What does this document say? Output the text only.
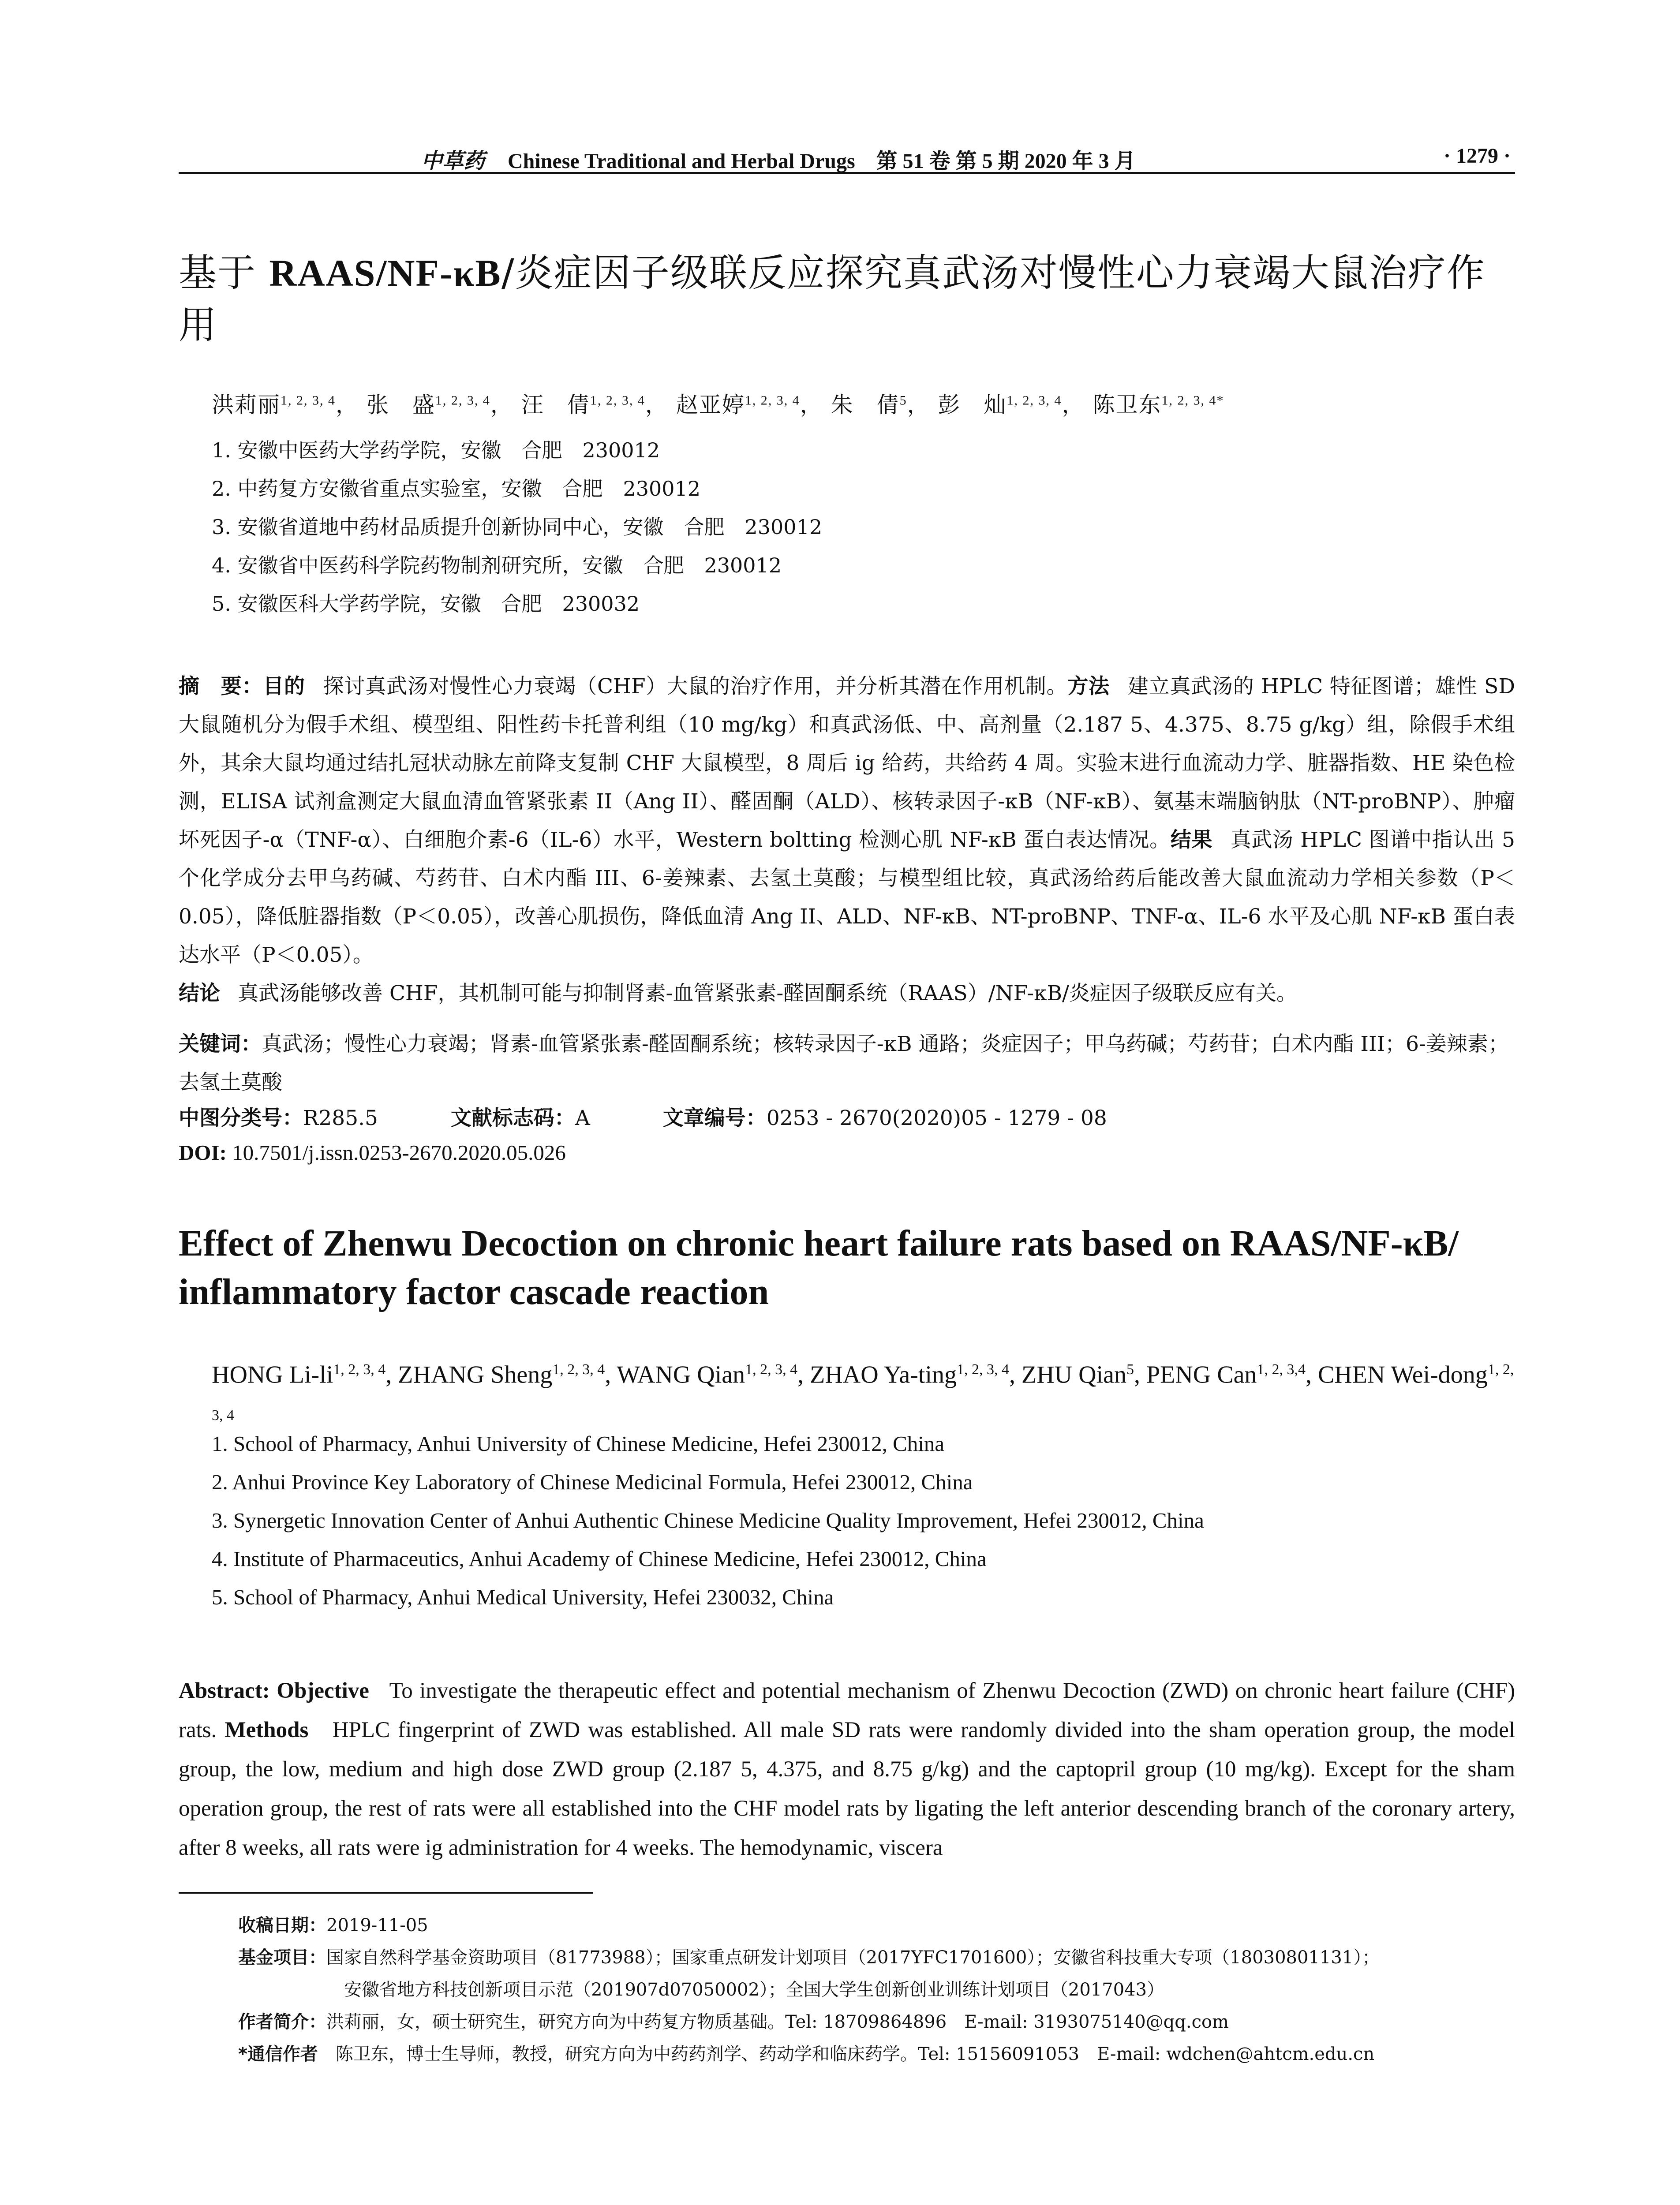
中草药 Chinese Traditional and Herbal Drugs　第 51 卷 第 5 期 2020 年 3 月	· 1279 ·
基于 RAAS/NF-κB/炎症因子级联反应探究真武汤对慢性心力衰竭大鼠治疗作用
洪莉丽$^{1, 2, 3, 4}$， 张　盛$^{1, 2, 3, 4}$， 汪　倩$^{1, 2, 3, 4}$， 赵亚婷$^{1, 2, 3, 4}$， 朱　倩$^5$， 彭　灿$^{1, 2, 3, 4}$， 陈卫东$^{1, 2, 3, 4*}$
1. 安徽中医药大学药学院，安徽　合肥　230012
2. 中药复方安徽省重点实验室，安徽　合肥　230012
3. 安徽省道地中药材品质提升创新协同中心，安徽　合肥　230012
4. 安徽省中医药科学院药物制剂研究所，安徽　合肥　230012
5. 安徽医科大学药学院，安徽　合肥　230032
摘　要：目的 探讨真武汤对慢性心力衰竭（CHF）大鼠的治疗作用，并分析其潜在作用机制。方法 建立真武汤的 HPLC 特征图谱；雄性 SD 大鼠随机分为假手术组、模型组、阳性药卡托普利组（10 mg/kg）和真武汤低、中、高剂量（2.187 5、4.375、8.75 g/kg）组，除假手术组外，其余大鼠均通过结扎冠状动脉左前降支复制 CHF 大鼠模型，8 周后 ig 给药，共给药 4 周。实验末进行血流动力学、脏器指数、HE 染色检测，ELISA 试剂盒测定大鼠血清血管紧张素 II（Ang II）、醛固酮（ALD）、核转录因子-κB（NF-κB）、氨基末端脑钠肽（NT-proBNP）、肿瘤坏死因子-α（TNF-α）、白细胞介素-6（IL-6）水平，Western boltting 检测心肌 NF-κB 蛋白表达情况。结果 真武汤 HPLC 图谱中指认出 5 个化学成分去甲乌药碱、芍药苷、白术内酯 III、6-姜辣素、去氢土莫酸；与模型组比较，真武汤给药后能改善大鼠血流动力学相关参数（P＜0.05），降低脏器指数（P＜0.05），改善心肌损伤，降低血清 Ang II、ALD、NF-κB、NT-proBNP、TNF-α、IL-6 水平及心肌 NF-κB 蛋白表达水平（P＜0.05）。
结论 真武汤能够改善 CHF，其机制可能与抑制肾素-血管紧张素-醛固酮系统（RAAS）/NF-κB/炎症因子级联反应有关。
关键词：真武汤；慢性心力衰竭；肾素-血管紧张素-醛固酮系统；核转录因子-κB 通路；炎症因子；甲乌药碱；芍药苷；白术内酯 III；6-姜辣素；去氢土莫酸
中图分类号：R285.5	文献标志码：A	文章编号：0253 - 2670(2020)05 - 1279 - 08
DOI: 10.7501/j.issn.0253-2670.2020.05.026
Effect of Zhenwu Decoction on chronic heart failure rats based on RAAS/NF-κB/ inflammatory factor cascade reaction
HONG Li-li$^{1, 2, 3, 4}$, ZHANG Sheng$^{1, 2, 3, 4}$, WANG Qian$^{1, 2, 3, 4}$, ZHAO Ya-ting$^{1, 2, 3, 4}$, ZHU Qian$^5$, PENG Can$^{1, 2, 3,4}$, CHEN Wei-dong$^{1, 2, 3, 4}$
1. School of Pharmacy, Anhui University of Chinese Medicine, Hefei 230012, China
2. Anhui Province Key Laboratory of Chinese Medicinal Formula, Hefei 230012, China
3. Synergetic Innovation Center of Anhui Authentic Chinese Medicine Quality Improvement, Hefei 230012, China
4. Institute of Pharmaceutics, Anhui Academy of Chinese Medicine, Hefei 230012, China
5. School of Pharmacy, Anhui Medical University, Hefei 230032, China
Abstract: Objective To investigate the therapeutic effect and potential mechanism of Zhenwu Decoction (ZWD) on chronic heart failure (CHF) rats. Methods HPLC fingerprint of ZWD was established. All male SD rats were randomly divided into the sham operation group, the model group, the low, medium and high dose ZWD group (2.187 5, 4.375, and 8.75 g/kg) and the captopril group (10 mg/kg). Except for the sham operation group, the rest of rats were all established into the CHF model rats by ligating the left anterior descending branch of the coronary artery, after 8 weeks, all rats were ig administration for 4 weeks. The hemodynamic, viscera
收稿日期：2019-11-05
基金项目：国家自然科学基金资助项目（81773988）；国家重点研发计划项目（2017YFC1701600）；安徽省科技重大专项（18030801131）；
安徽省地方科技创新项目示范（201907d07050002）；全国大学生创新创业训练计划项目（2017043）
作者简介：洪莉丽，女，硕士研究生，研究方向为中药复方物质基础。Tel: 18709864896　E-mail: 3193075140@qq.com
*通信作者　 陈卫东，博士生导师，教授，研究方向为中药药剂学、药动学和临床药学。Tel: 15156091053　E-mail: wdchen@ahtcm.edu.cn
